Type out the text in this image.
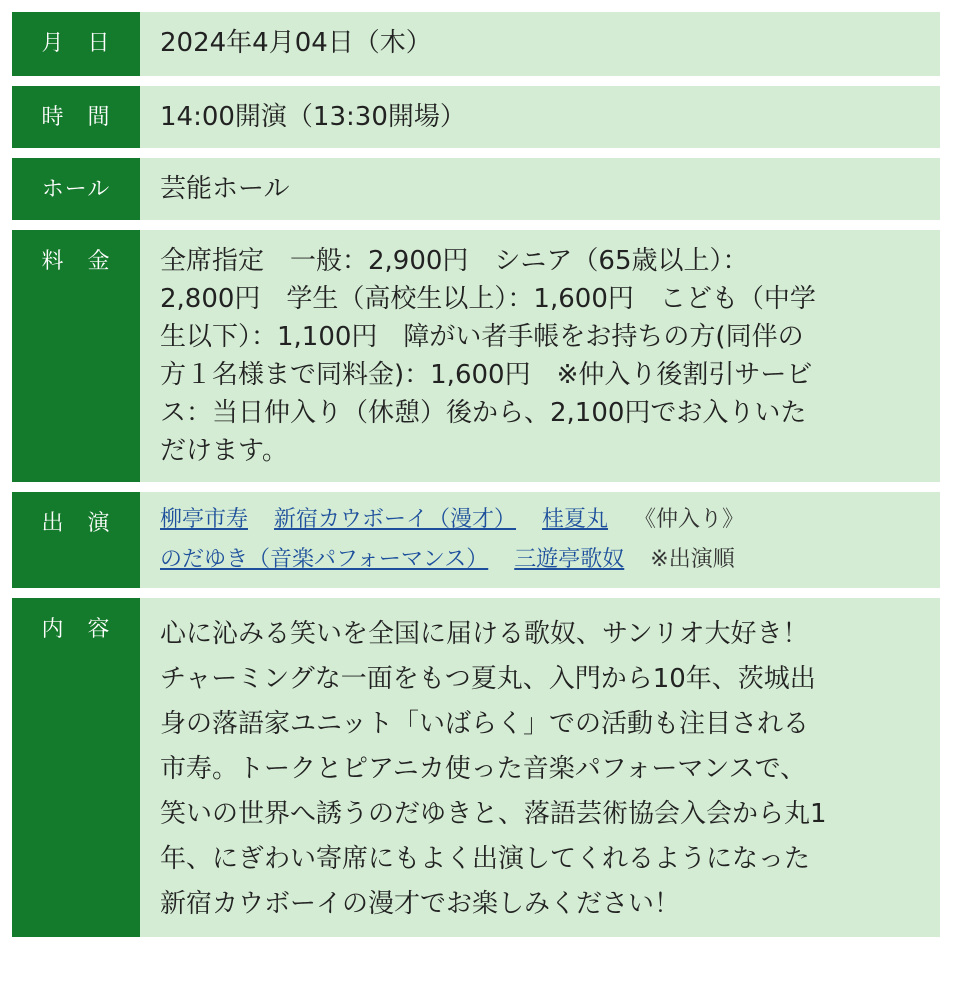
月　日	2024年4月04日（木）
時　間	14:00開演（13:30開場）
ホール	芸能ホール
料　金	全席指定　一般：2,900円　シニア（65歳以上）：
2,800円　学生（高校生以上）：1,600円　こども（中学
生以下）：1,100円　障がい者手帳をお持ちの方(同伴の
方１名様まで同料金)：1,600円　※仲入り後割引サービ
ス：当日仲入り（休憩）後から、2,100円でお入りいた
だけます。
出　演	柳亭市寿 新宿カウボーイ（漫才） 桂夏丸 《仲入り》
のだゆき（音楽パフォーマンス） 三遊亭歌奴 ※出演順
内　容	心に沁みる笑いを全国に届ける歌奴、サンリオ大好き！
チャーミングな一面をもつ夏丸、入門から10年、茨城出
身の落語家ユニット「いばらく」での活動も注目される
市寿。トークとピアニカ使った音楽パフォーマンスで、
笑いの世界へ誘うのだゆきと、落語芸術協会入会から丸1
年、にぎわい寄席にもよく出演してくれるようになった
新宿カウボーイの漫才でお楽しみください！
